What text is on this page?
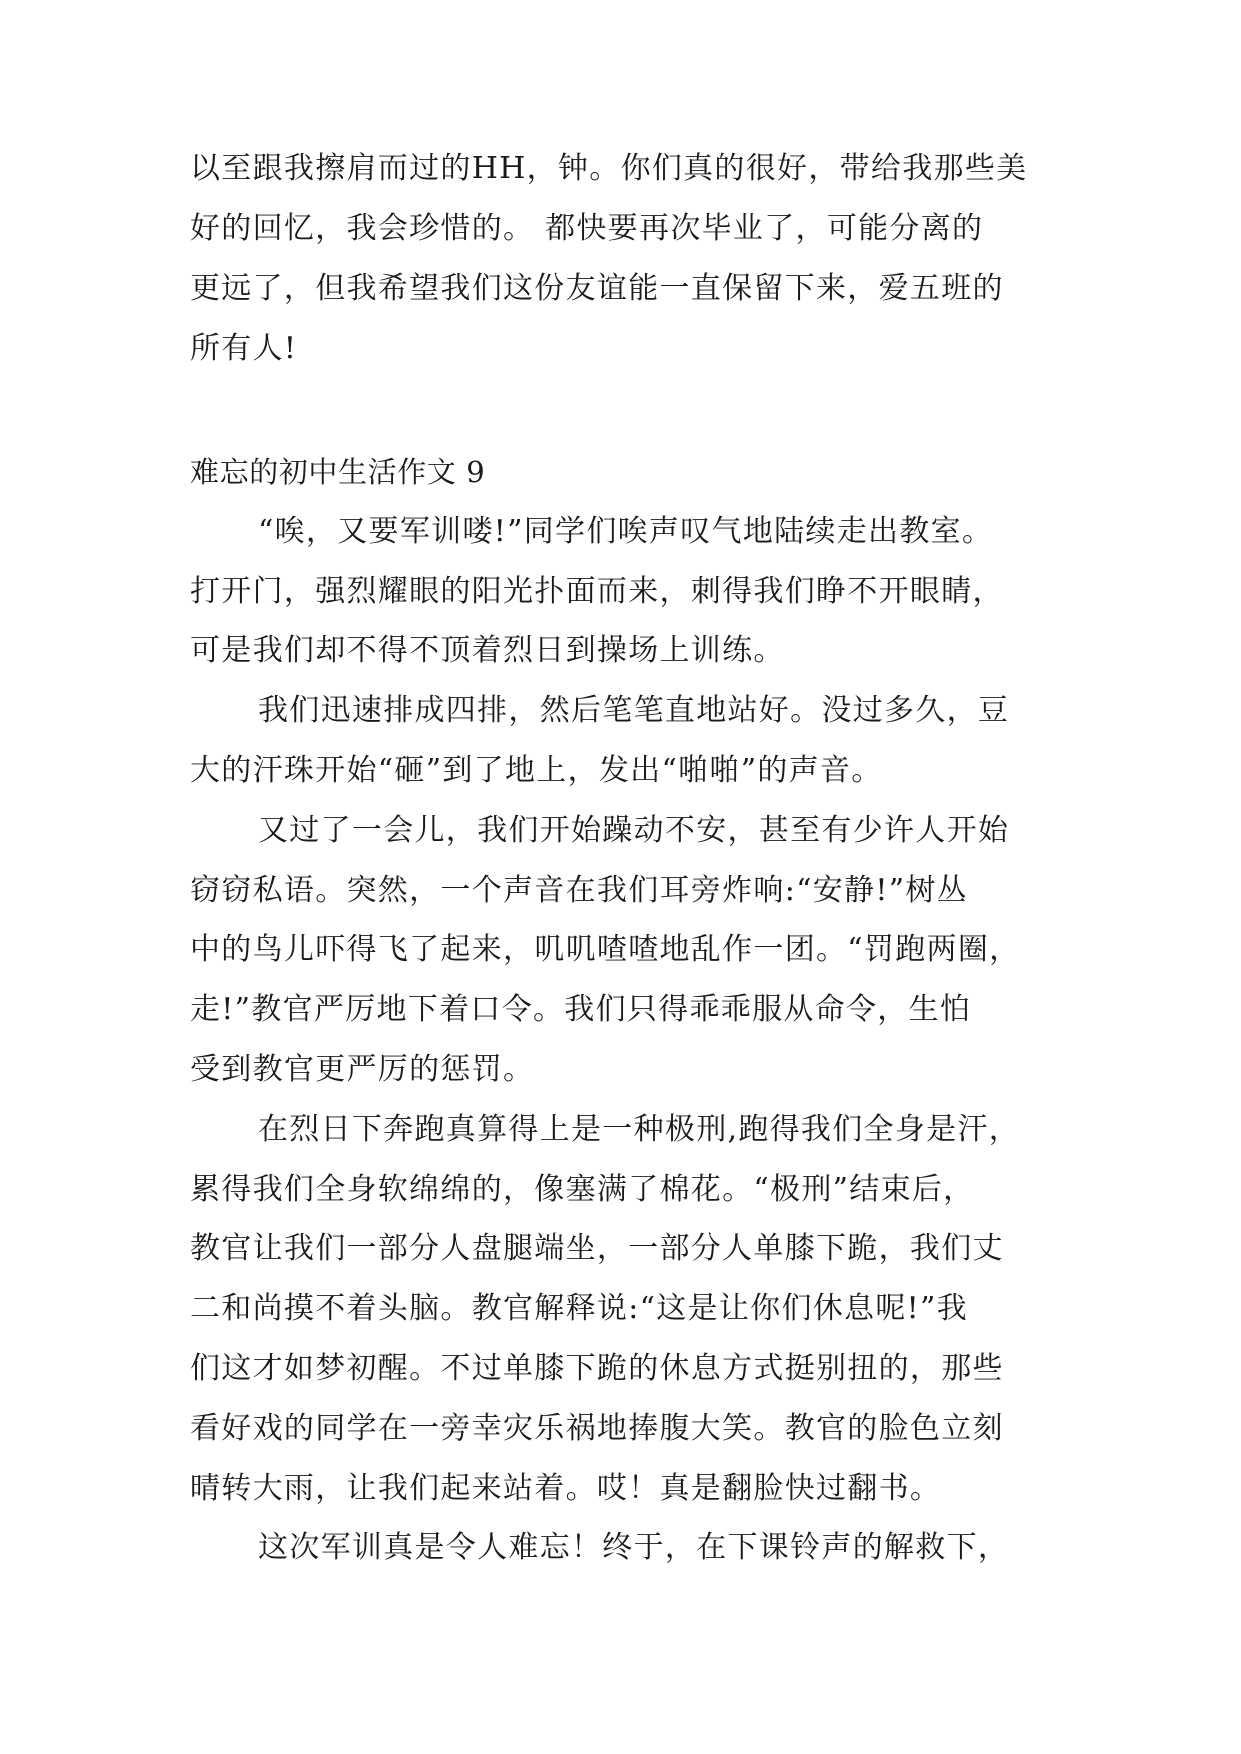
以至跟我擦肩而过的HH，钟。你们真的很好，带给我那些美
好的回忆，我会珍惜的。 都快要再次毕业了，可能分离的
更远了，但我希望我们这份友谊能一直保留下来，爱五班的
所有人!
难忘的初中生活作文 9
“唉，又要军训喽!”同学们唉声叹气地陆续走出教室。
打开门，强烈耀眼的阳光扑面而来，刺得我们睁不开眼睛，
可是我们却不得不顶着烈日到操场上训练。
我们迅速排成四排，然后笔笔直地站好。没过多久，豆
大的汗珠开始“砸”到了地上，发出“啪啪”的声音。
又过了一会儿，我们开始躁动不安，甚至有少许人开始
窃窃私语。突然，一个声音在我们耳旁炸响:“安静!”树丛
中的鸟儿吓得飞了起来，叽叽喳喳地乱作一团。“罚跑两圈，
走!”教官严厉地下着口令。我们只得乖乖服从命令，生怕
受到教官更严厉的惩罚。
在烈日下奔跑真算得上是一种极刑,跑得我们全身是汗，
累得我们全身软绵绵的，像塞满了棉花。“极刑”结束后，
教官让我们一部分人盘腿端坐，一部分人单膝下跪，我们丈
二和尚摸不着头脑。教官解释说:“这是让你们休息呢!”我
们这才如梦初醒。不过单膝下跪的休息方式挺别扭的，那些
看好戏的同学在一旁幸灾乐祸地捧腹大笑。教官的脸色立刻
晴转大雨，让我们起来站着。哎！真是翻脸快过翻书。
这次军训真是令人难忘！终于，在下课铃声的解救下，
